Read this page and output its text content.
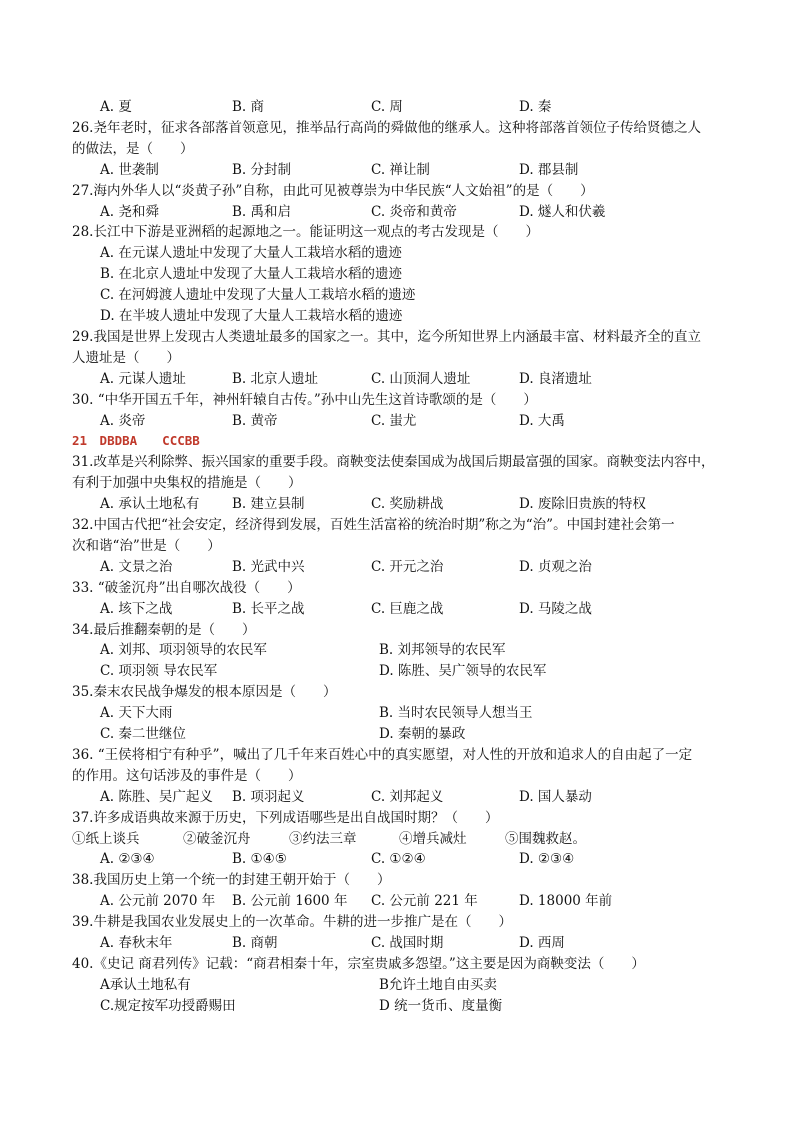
A. 夏	B. 商	C. 周	D. 秦
26.尧年老时，征求各部落首领意见，推举品行高尚的舜做他的继承人。这种将部落首领位子传给贤德之人
的做法，是（　　）
A. 世袭制	B. 分封制	C. 禅让制	D. 郡县制
27.海内外华人以“炎黄子孙”自称，由此可见被尊崇为中华民族“人文始祖”的是（　　）
A. 尧和舜	B. 禹和启	C. 炎帝和黄帝	D. 燧人和伏羲
28.长江中下游是亚洲稻的起源地之一。能证明这一观点的考古发现是（　　）
A. 在元谋人遗址中发现了大量人工栽培水稻的遗迹
B. 在北京人遗址中发现了大量人工栽培水稻的遗迹
C. 在河姆渡人遗址中发现了大量人工栽培水稻的遗迹
D. 在半坡人遗址中发现了大量人工栽培水稻的遗迹
29.我国是世界上发现古人类遗址最多的国家之一。其中，迄今所知世界上内涵最丰富、材料最齐全的直立
人遗址是（　　）
A. 元谋人遗址	B. 北京人遗址	C. 山顶洞人遗址	D. 良渚遗址
30. “中华开国五千年，神州轩辕自古传。”孙中山先生这首诗歌颂的是（　　）
A. 炎帝	B. 黄帝	C. 蚩尤	D. 大禹
21　DBDBA　　CCCBB
31.改革是兴利除弊、振兴国家的重要手段。商鞅变法使秦国成为战国后期最富强的国家。商鞅变法内容中，
有利于加强中央集权的措施是（　　）
A. 承认土地私有 B. 建立县制	C. 奖励耕战	D. 废除旧贵族的特权
32.中国古代把“社会安定，经济得到发展，百姓生活富裕的统治时期”称之为“治”。中国封建社会第一
次和谐“治”世是（　　）
A. 文景之治	B. 光武中兴	C. 开元之治	D. 贞观之治
33. “破釜沉舟”出自哪次战役（　　）
A. 垓下之战	B. 长平之战	C. 巨鹿之战	D. 马陵之战
34.最后推翻秦朝的是（　　）
A. 刘邦、项羽领导的农民军	B. 刘邦领导的农民军
C. 项羽领 导农民军	D. 陈胜、吴广领导的农民军
35.秦末农民战争爆发的根本原因是（　　）
A. 天下大雨	B. 当时农民领导人想当王
C. 秦二世继位	D. 秦朝的暴政
36. “王侯将相宁有种乎”，喊出了几千年来百姓心中的真实愿望，对人性的开放和追求人的自由起了一定
的作用。这句话涉及的事件是（　　）
A. 陈胜、吴广起义 B. 项羽起义	C. 刘邦起义	D. 国人暴动
37.许多成语典故来源于历史，下列成语哪些是出自战国时期？（　　）
①纸上谈兵	②破釜沉舟	③约法三章	④增兵减灶	⑤围魏救赵。
A. ②③④	B. ①④⑤	C. ①②④	D. ②③④
38.我国历史上第一个统一的封建王朝开始于（　　）
A. 公元前 2070 年 B. 公元前 1600 年 C. 公元前 221 年	D. 18000 年前
39.牛耕是我国农业发展史上的一次革命。牛耕的进一步推广是在（　　）
A. 春秋末年	B. 商朝	C. 战国时期	D. 西周
40.《史记 商君列传》记载：“商君相秦十年，宗室贵戚多怨望。”这主要是因为商鞅变法（　　）
A承认土地私有	B允许土地自由买卖
C.规定按军功授爵赐田	D 统一货币、度量衡
